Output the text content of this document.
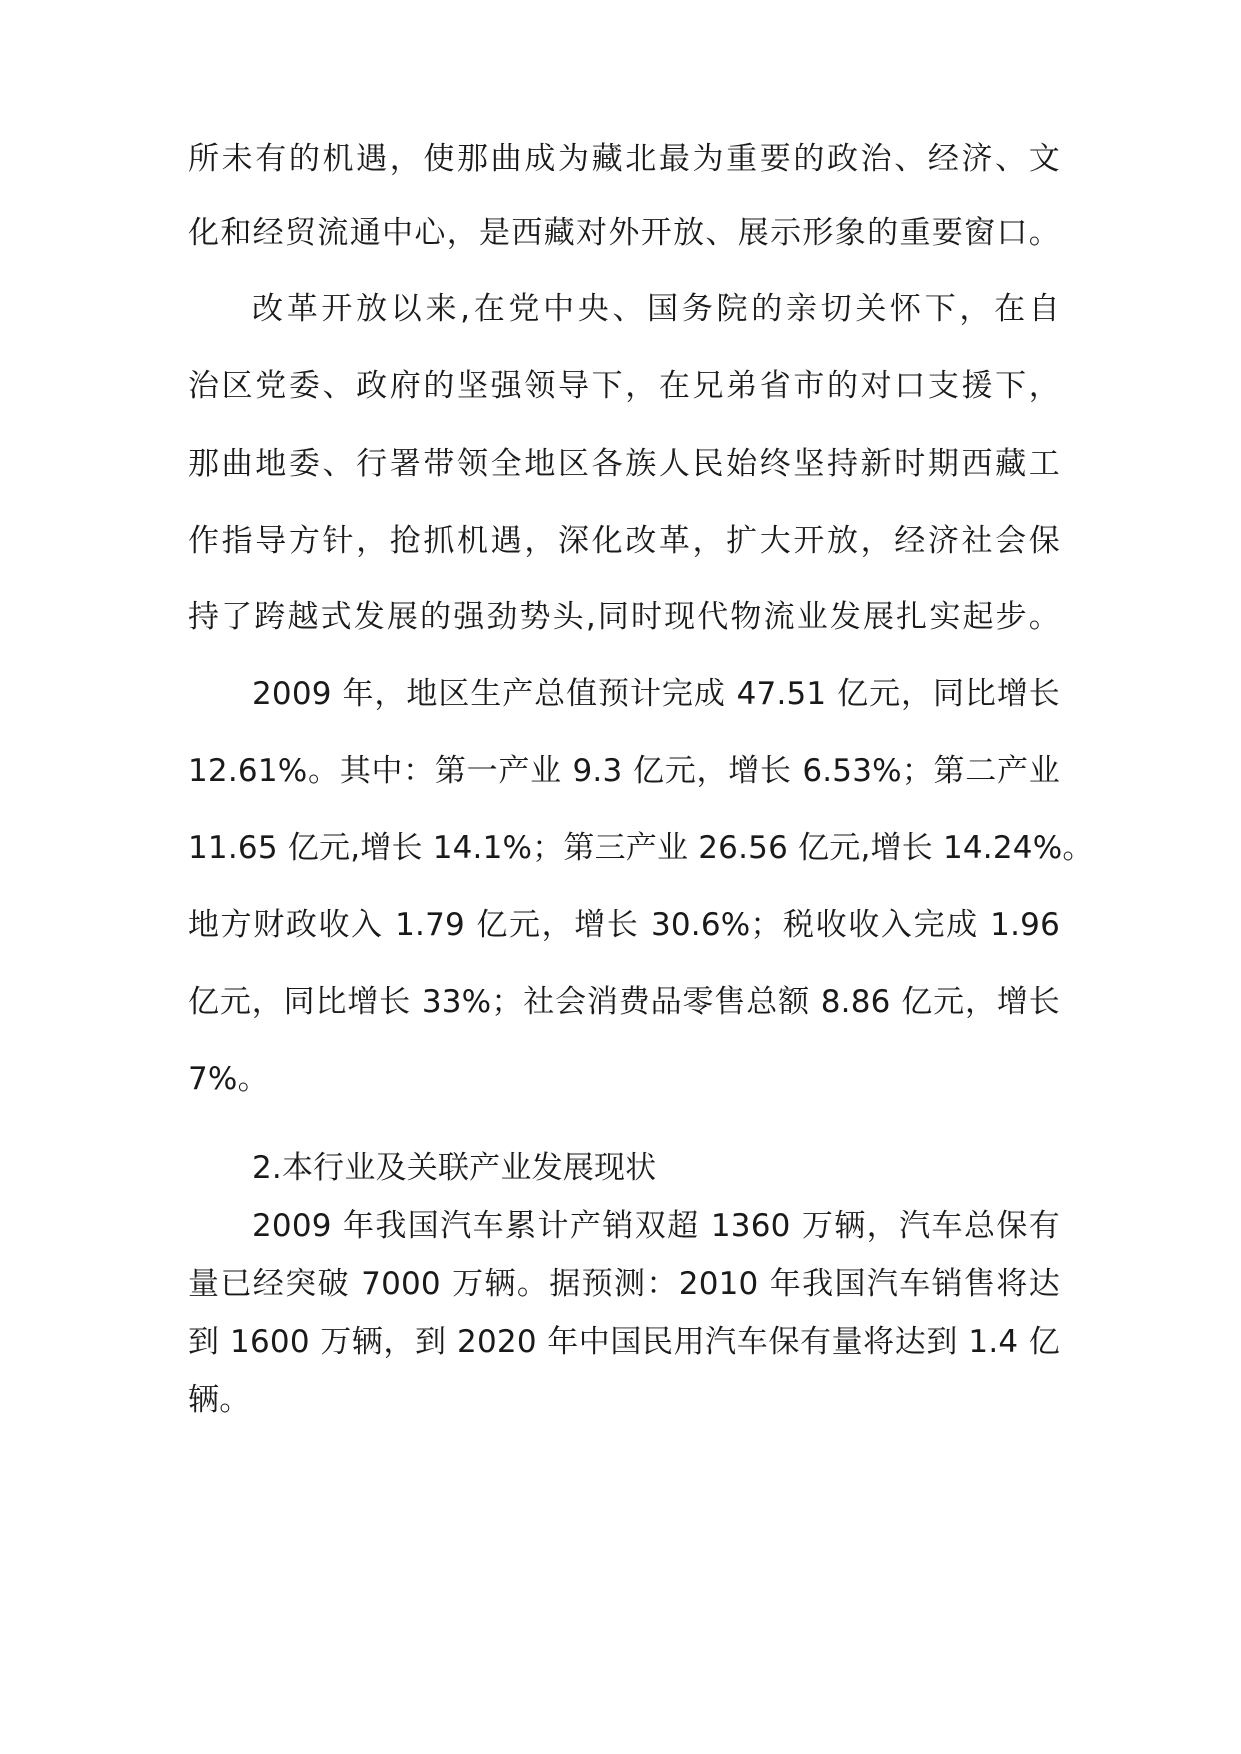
所未有的机遇，使那曲成为藏北最为重要的政治、经济、文
化和经贸流通中心，是西藏对外开放、展示形象的重要窗口。
改革开放以来,在党中央、国务院的亲切关怀下，在自
治区党委、政府的坚强领导下，在兄弟省市的对口支援下，
那曲地委、行署带领全地区各族人民始终坚持新时期西藏工
作指导方针，抢抓机遇，深化改革，扩大开放，经济社会保
持了跨越式发展的强劲势头,同时现代物流业发展扎实起步。
2009 年，地区生产总值预计完成 47.51 亿元，同比增长
12.61%。其中：第一产业 9.3 亿元，增长 6.53%；第二产业
11.65 亿元,增长 14.1%；第三产业 26.56 亿元,增长 14.24%。
地方财政收入 1.79 亿元，增长 30.6%；税收收入完成 1.96
亿元，同比增长 33%；社会消费品零售总额 8.86 亿元，增长
7%。
2.本行业及关联产业发展现状
2009 年我国汽车累计产销双超 1360 万辆，汽车总保有
量已经突破 7000 万辆。据预测：2010 年我国汽车销售将达
到 1600 万辆，到 2020 年中国民用汽车保有量将达到 1.4 亿
辆。
